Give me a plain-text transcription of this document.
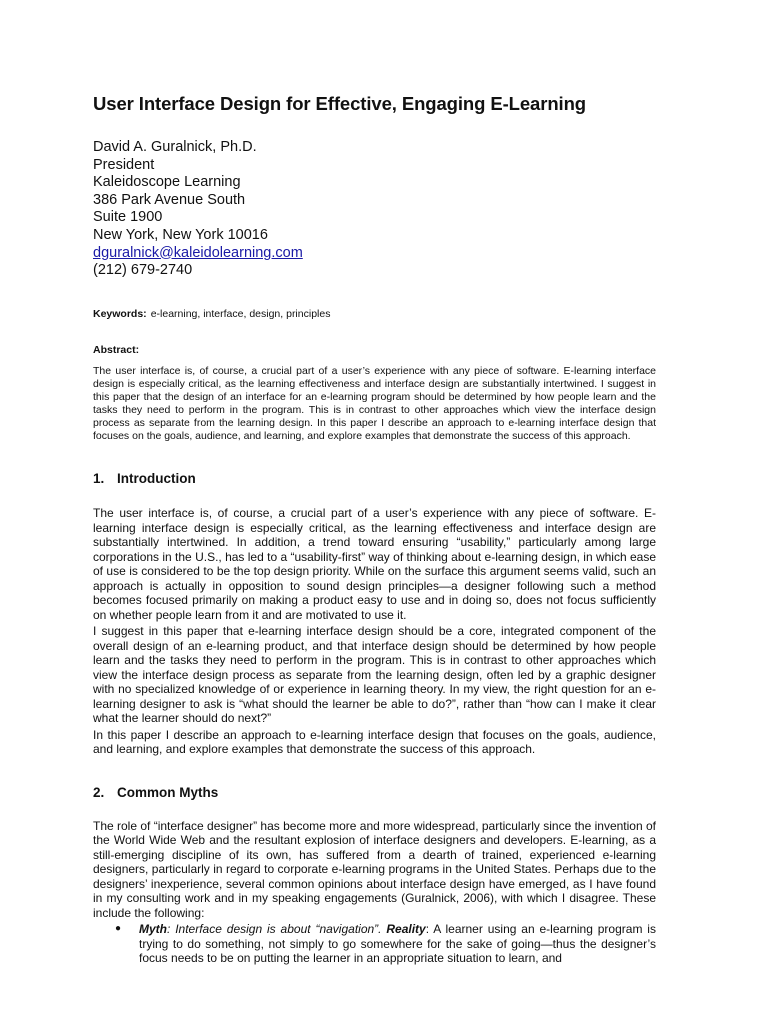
User Interface Design for Effective, Engaging E-Learning
David A. Guralnick, Ph.D.
President
Kaleidoscope Learning
386 Park Avenue South
Suite 1900
New York, New York 10016
dguralnick@kaleidolearning.com
(212) 679-2740
Keywords: e-learning, interface, design, principles
Abstract:

The user interface is, of course, a crucial part of a user’s experience with any piece of software. E-learning interface design is especially critical, as the learning effectiveness and interface design are substantially intertwined. I suggest in this paper that the design of an interface for an e-learning program should be determined by how people learn and the tasks they need to perform in the program. This is in contrast to other approaches which view the interface design process as separate from the learning design. In this paper I describe an approach to e-learning interface design that focuses on the goals, audience, and learning, and explore examples that demonstrate the success of this approach.

1. Introduction

The user interface is, of course, a crucial part of a user’s experience with any piece of software. E-learning interface design is especially critical, as the learning effectiveness and interface design are substantially intertwined. In addition, a trend toward ensuring “usability,” particularly among large corporations in the U.S., has led to a “usability-first” way of thinking about e-learning design, in which ease of use is considered to be the top design priority. While on the surface this argument seems valid, such an approach is actually in opposition to sound design principles—a designer following such a method becomes focused primarily on making a product easy to use and in doing so, does not focus sufficiently on whether people learn from it and are motivated to use it.

I suggest in this paper that e-learning interface design should be a core, integrated component of the overall design of an e-learning product, and that interface design should be determined by how people learn and the tasks they need to perform in the program. This is in contrast to other approaches which view the interface design process as separate from the learning design, often led by a graphic designer with no specialized knowledge of or experience in learning theory. In my view, the right question for an e-learning designer to ask is “what should the learner be able to do?”, rather than “how can I make it clear what the learner should do next?”

In this paper I describe an approach to e-learning interface design that focuses on the goals, audience, and learning, and explore examples that demonstrate the success of this approach.

2. Common Myths

The role of “interface designer” has become more and more widespread, particularly since the invention of the World Wide Web and the resultant explosion of interface designers and developers. E-learning, as a still-emerging discipline of its own, has suffered from a dearth of trained, experienced e-learning designers, particularly in regard to corporate e-learning programs in the United States. Perhaps due to the designers’ inexperience, several common opinions about interface design have emerged, as I have found in my consulting work and in my speaking engagements (Guralnick, 2006), with which I disagree. These include the following:

● Myth: Interface design is about “navigation”. Reality: A learner using an e-learning program is trying to do something, not simply to go somewhere for the sake of going—thus the designer’s focus needs to be on putting the learner in an appropriate situation to learn, and
